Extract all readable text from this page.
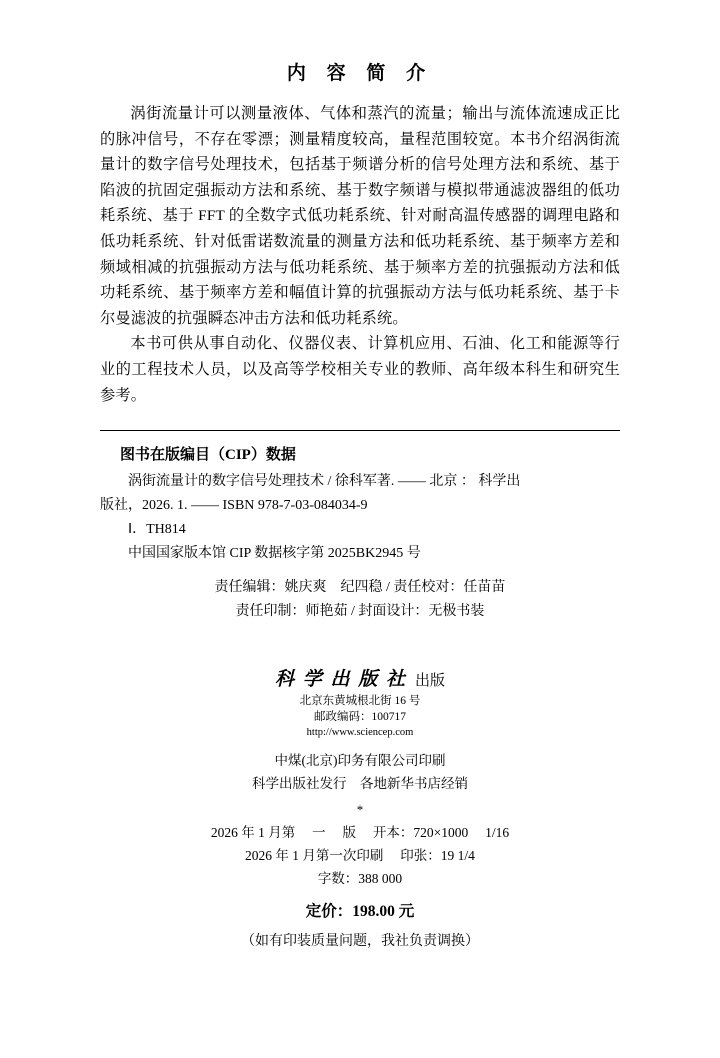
内 容 简 介

涡街流量计可以测量液体、气体和蒸汽的流量；输出与流体流速成正比的脉冲信号，不存在零漂；测量精度较高，量程范围较宽。本书介绍涡街流量计的数字信号处理技术，包括基于频谱分析的信号处理方法和系统、基于陷波的抗固定强振动方法和系统、基于数字频谱与模拟带通滤波器组的低功耗系统、基于 FFT 的全数字式低功耗系统、针对耐高温传感器的调理电路和低功耗系统、针对低雷诺数流量的测量方法和低功耗系统、基于频率方差和频域相减的抗强振动方法与低功耗系统、基于频率方差的抗强振动方法和低功耗系统、基于频率方差和幅值计算的抗强振动方法与低功耗系统、基于卡尔曼滤波的抗强瞬态冲击方法和低功耗系统。

本书可供从事自动化、仪器仪表、计算机应用、石油、化工和能源等行业的工程技术人员，以及高等学校相关专业的教师、高年级本科生和研究生参考。

图书在版编目（CIP）数据

涡街流量计的数字信号处理技术 / 徐科军著. —— 北京 ： 科学出

版社，2026. 1. —— ISBN 978-7-03-084034-9

Ⅰ．TH814

中国国家版本馆 CIP 数据核字第 2025BK2945 号

责任编辑：姚庆爽　纪四稳 / 责任校对：任苗苗
责任印制：师艳茹 / 封面设计：无极书装
科 学 出 版 社 出版

北京东黄城根北街 16 号

邮政编码：100717

http://www.sciencep.com

中煤(北京)印务有限公司印刷
科学出版社发行　各地新华书店经销
*
2026 年 1 月第　 一　 版　 开本：720×1000　 1/16
2026 年 1 月第一次印刷　 印张：19 1/4
字数：388 000
定价：198.00 元
（如有印装质量问题，我社负责调换）
